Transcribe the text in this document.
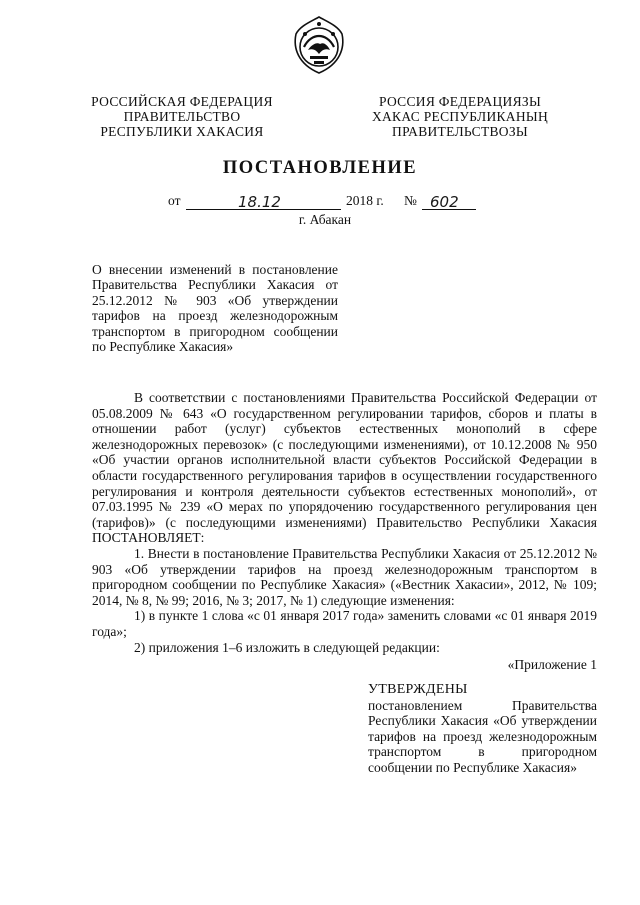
РОССИЙСКАЯ ФЕДЕРАЦИЯ
ПРАВИТЕЛЬСТВО
РЕСПУБЛИКИ ХАКАСИЯ
РОССИЯ ФЕДЕРАЦИЯЗЫ
ХАКАС РЕСПУБЛИКАНЫҢ
ПРАВИТЕЛЬСТВОЗЫ
ПОСТАНОВЛЕНИЕ
от	18.12	2018 г. № 602
г. Абакан
О внесении изменений в постановление Правительства Республики Хакасия от 25.12.2012 № 903 «Об утверждении тарифов на проезд железнодорожным транспортом в пригородном сообщении по Республике Хакасия»

В соответствии с постановлениями Правительства Российской Федерации от 05.08.2009 № 643 «О государственном регулировании тарифов, сборов и платы в отношении работ (услуг) субъектов естественных монополий в сфере железнодорожных перевозок» (с последующими изменениями), от 10.12.2008 № 950 «Об участии органов исполнительной власти субъектов Российской Федерации в области государственного регулирования тарифов в осуществлении государственного регулирования и контроля деятельности субъектов естественных монополий», от 07.03.1995 № 239 «О мерах по упорядочению государственного регулирования цен (тарифов)» (с последующими изменениями) Правительство Республики Хакасия ПОСТАНОВЛЯЕТ:

1. Внести в постановление Правительства Республики Хакасия от 25.12.2012 № 903 «Об утверждении тарифов на проезд железнодорожным транспортом в пригородном сообщении по Республике Хакасия» («Вестник Хакасии», 2012, № 109; 2014, № 8, № 99; 2016, № 3; 2017, № 1) следующие изменения:

1) в пункте 1 слова «с 01 января 2017 года» заменить словами «с 01 января 2019 года»;

2) приложения 1–6 изложить в следующей редакции:

«Приложение 1

УТВЕРЖДЕНЫ
постановлением Правительства Республики Хакасия «Об утверждении тарифов на проезд железнодорожным транспортом в пригородном сообщении по Республике Хакасия»
